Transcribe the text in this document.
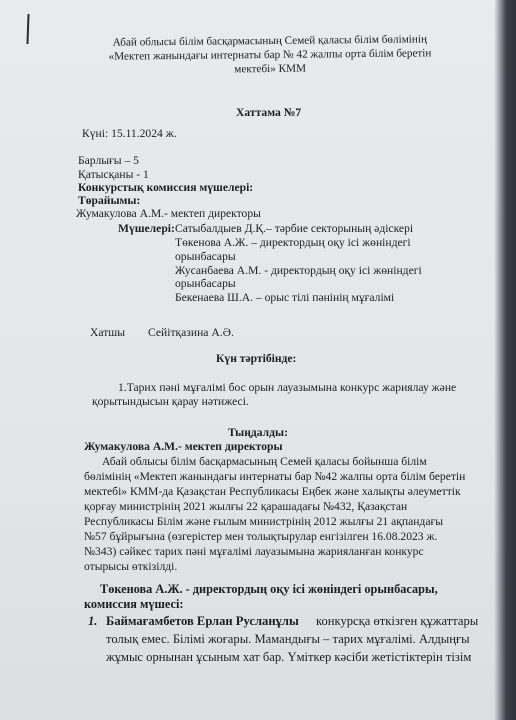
Абай облысы білім басқармасының Семей қаласы білім бөлімінің
«Мектеп жанындағы интернаты бар № 42 жалпы орта білім беретін
мектебі» КММ
Хаттама №7
Күні: 15.11.2024 ж.
Барлығы – 5
Қатысқаны - 1
Конкурстық комиссия мүшелері:
Төрайымы:
Жумакулова А.М.- мектеп директоры
Мүшелері: Сатыбалдыев Д.Қ.– тәрбие секторының әдіскері
Төкенова А.Ж. – директордың оқу ісі жөніндегі
орынбасары
Жусанбаева А.М. - директордың оқу ісі жөніндегі
орынбасары
Бекенаева Ш.А. – орыс тілі пәнінің мұғалімі
Хатшы Сейітқазина А.Ә.
Күн тәртібінде:
1.Тарих пәні мұғалімі бос орын лауазымына конкурс жариялау және
қорытындысын қарау нәтижесі.
Тыңдалды:
Жумакулова А.М.- мектеп директоры
Абай облысы білім басқармасының Семей қаласы бойынша білім
бөлімінің «Мектеп жанындағы интернаты бар №42 жалпы орта білім беретін
мектебі» КММ-да Қазақстан Республикасы Еңбек және халықты әлеуметтік
қорғау министрінің 2021 жылғы 22 қарашадағы №432, Қазақстан
Республикасы Білім және ғылым министрінің 2012 жылғы 21 ақпандағы
№57 бұйрығына (өзгерістер мен толықтырулар енгізілген 16.08.2023 ж.
№343) сәйкес тарих пәні мұғалімі лауазымына жарияланған конкурс
отырысы өткізілді.
Төкенова А.Ж. - директордың оқу ісі жөніндегі орынбасары,
комиссия мүшесі:
1. Баймағамбетов Ерлан Русланұлы конкурсқа өткізген құжаттары
толық емес. Білімі жоғары. Мамандығы – тарих мұғалімі. Алдыңғы
жұмыс орнынан ұсыным хат бар. Үміткер кәсіби жетістіктерін тізім
